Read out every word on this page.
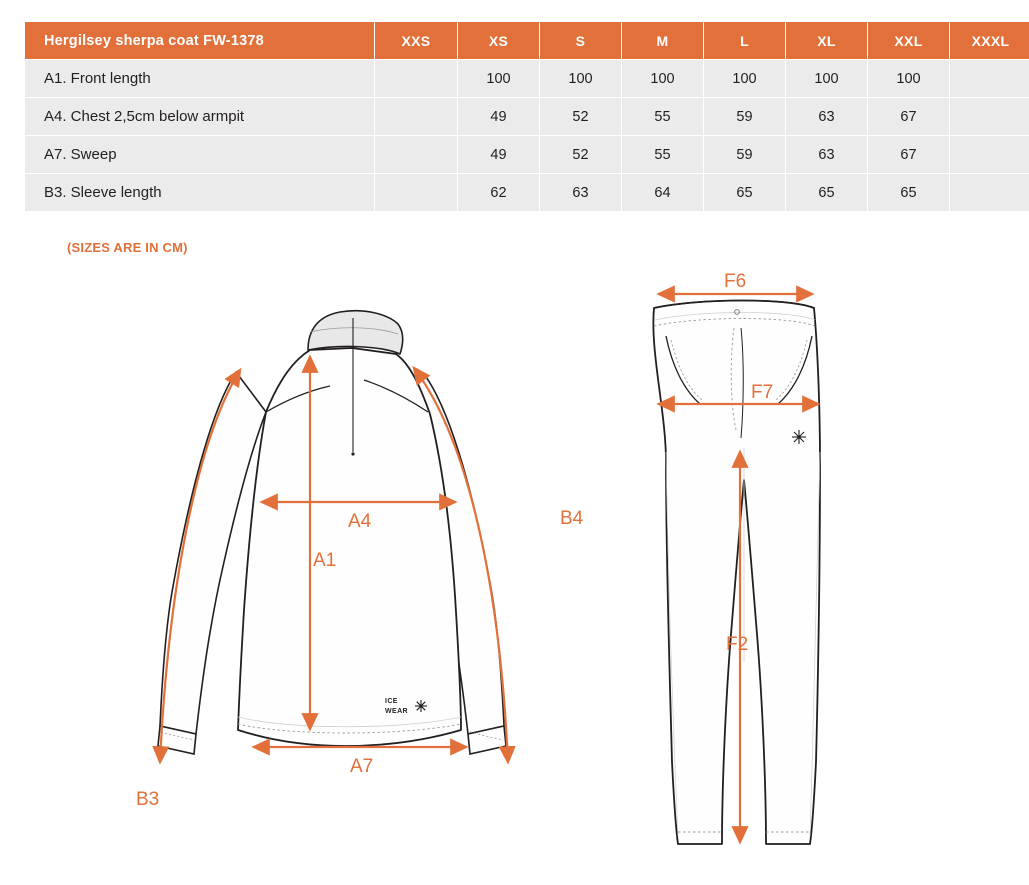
Hergilsey sherpa coat FW-1378	XXS	XS	S	M	L	XL	XXL	XXXL
A1. Front length		100	100	100	100	100	100	
A4. Chest 2,5cm below armpit		49	52	55	59	63	67	
A7. Sweep		49	52	55	59	63	67	
B3. Sleeve length		62	63	64	65	65	65	
(SIZES ARE IN CM)
ICE
WEAR
B3
B4
A4
A1
A7
F6
F7
F2
